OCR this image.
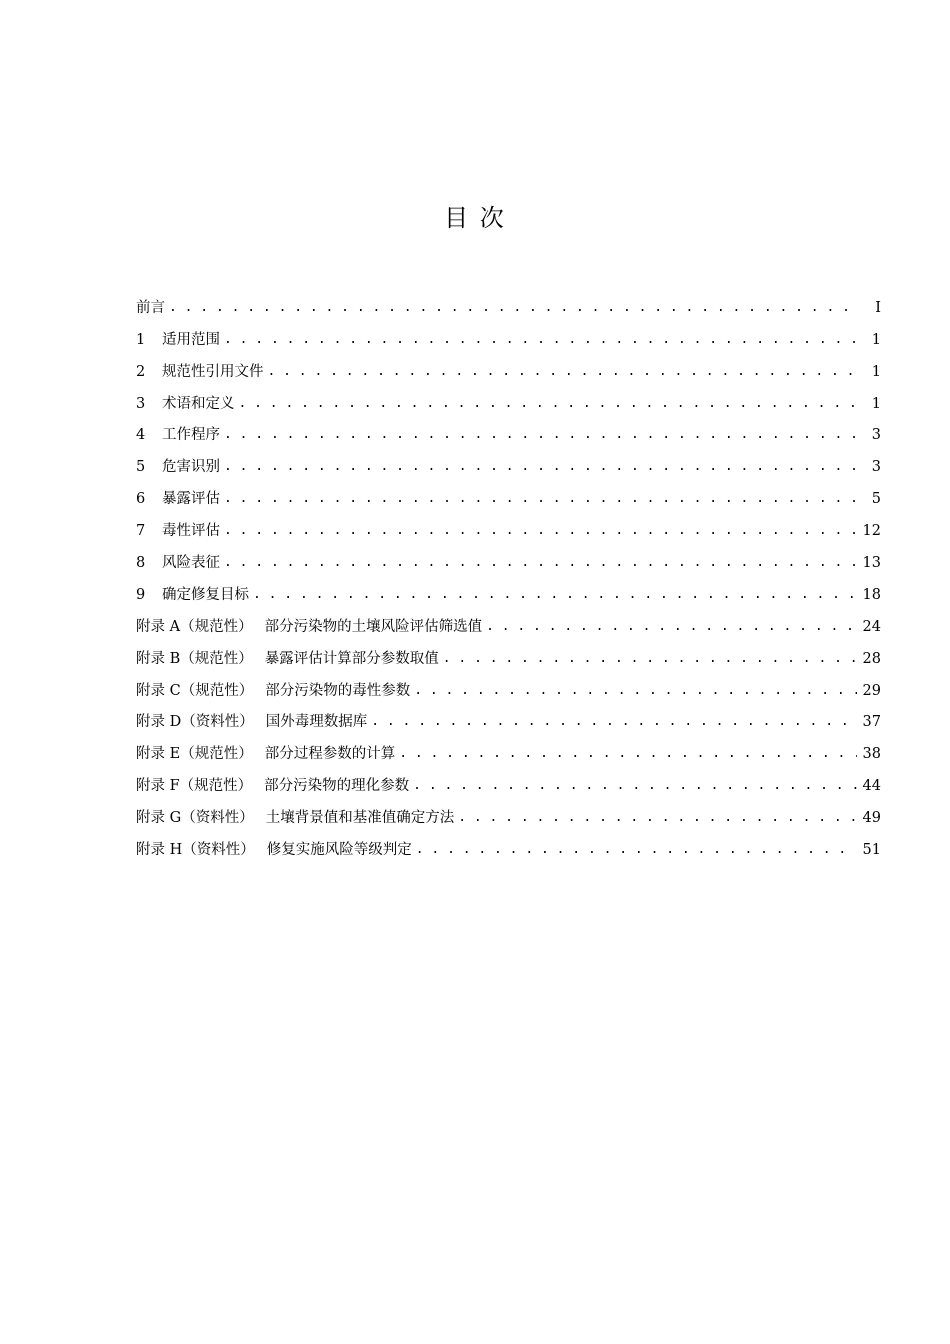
目 次
前言 . . .	I
1 适用范围 . . .	1
2 规范性引用文件 . . .	1
3 术语和定义 . . .	1
4 工作程序 . . .	3
5 危害识别 . . .	3
6 暴露评估 . . .	5
7 毒性评估 . . .	12
8 风险表征 . . .	13
9 确定修复目标 . . .	18
附录 A（规范性） 部分污染物的土壤风险评估筛选值 . . .	24
附录 B（规范性） 暴露评估计算部分参数取值 . . .	28
附录 C（规范性） 部分污染物的毒性参数 . . .	29
附录 D（资料性） 国外毒理数据库 . . .	37
附录 E（规范性） 部分过程参数的计算 . . .	38
附录 F（规范性） 部分污染物的理化参数 . . .	44
附录 G（资料性） 土壤背景值和基准值确定方法 . . .	49
附录 H（资料性） 修复实施风险等级判定 . . .	51
